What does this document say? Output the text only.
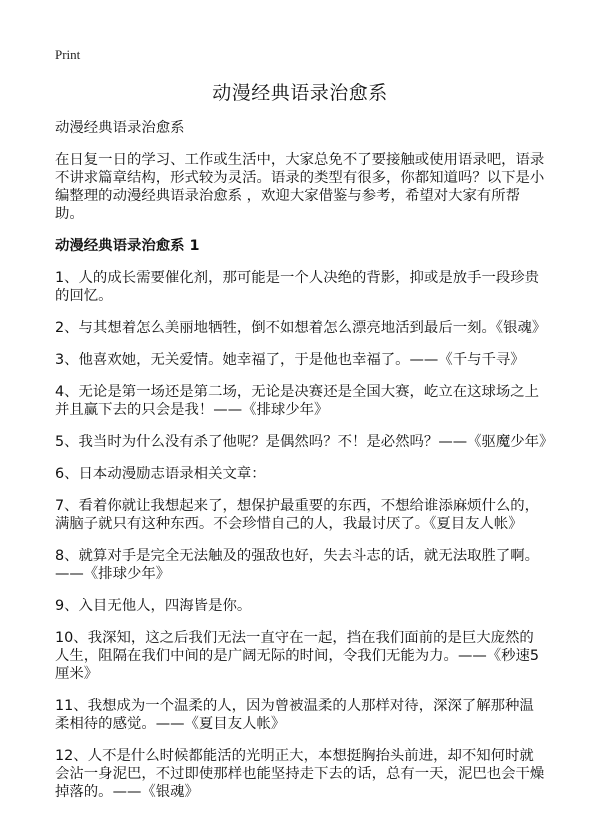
Print
动漫经典语录治愈系

动漫经典语录治愈系

在日复一日的学习、工作或生活中，大家总免不了要接触或使用语录吧，语录不讲求篇章结构，形式较为灵活。语录的类型有很多，你都知道吗？以下是小编整理的动漫经典语录治愈系 ，欢迎大家借鉴与参考，希望对大家有所帮助。

动漫经典语录治愈系 1

1、人的成长需要催化剂，那可能是一个人决绝的背影，抑或是放手一段珍贵的回忆。

2、与其想着怎么美丽地牺牲，倒不如想着怎么漂亮地活到最后一刻。《银魂》

3、他喜欢她，无关爱情。她幸福了，于是他也幸福了。——《千与千寻》

4、无论是第一场还是第二场，无论是决赛还是全国大赛，屹立在这球场之上并且赢下去的只会是我！——《排球少年》

5、我当时为什么没有杀了他呢？是偶然吗？不！是必然吗？——《驱魔少年》

6、日本动漫励志语录相关文章：

7、看着你就让我想起来了，想保护最重要的东西，不想给谁添麻烦什么的，满脑子就只有这种东西。不会珍惜自己的人，我最讨厌了。《夏目友人帐》

8、就算对手是完全无法触及的强敌也好，失去斗志的话，就无法取胜了啊。——《排球少年》

9、入目无他人，四海皆是你。

10、我深知，这之后我们无法一直守在一起，挡在我们面前的是巨大庞然的人生，阻隔在我们中间的是广阔无际的时间，令我们无能为力。——《秒速5厘米》

11、我想成为一个温柔的人，因为曾被温柔的人那样对待，深深了解那种温柔相待的感觉。——《夏目友人帐》

12、人不是什么时候都能活的光明正大，本想挺胸抬头前进，却不知何时就会沾一身泥巴，不过即使那样也能坚持走下去的话，总有一天，泥巴也会干燥掉落的。——《银魂》
